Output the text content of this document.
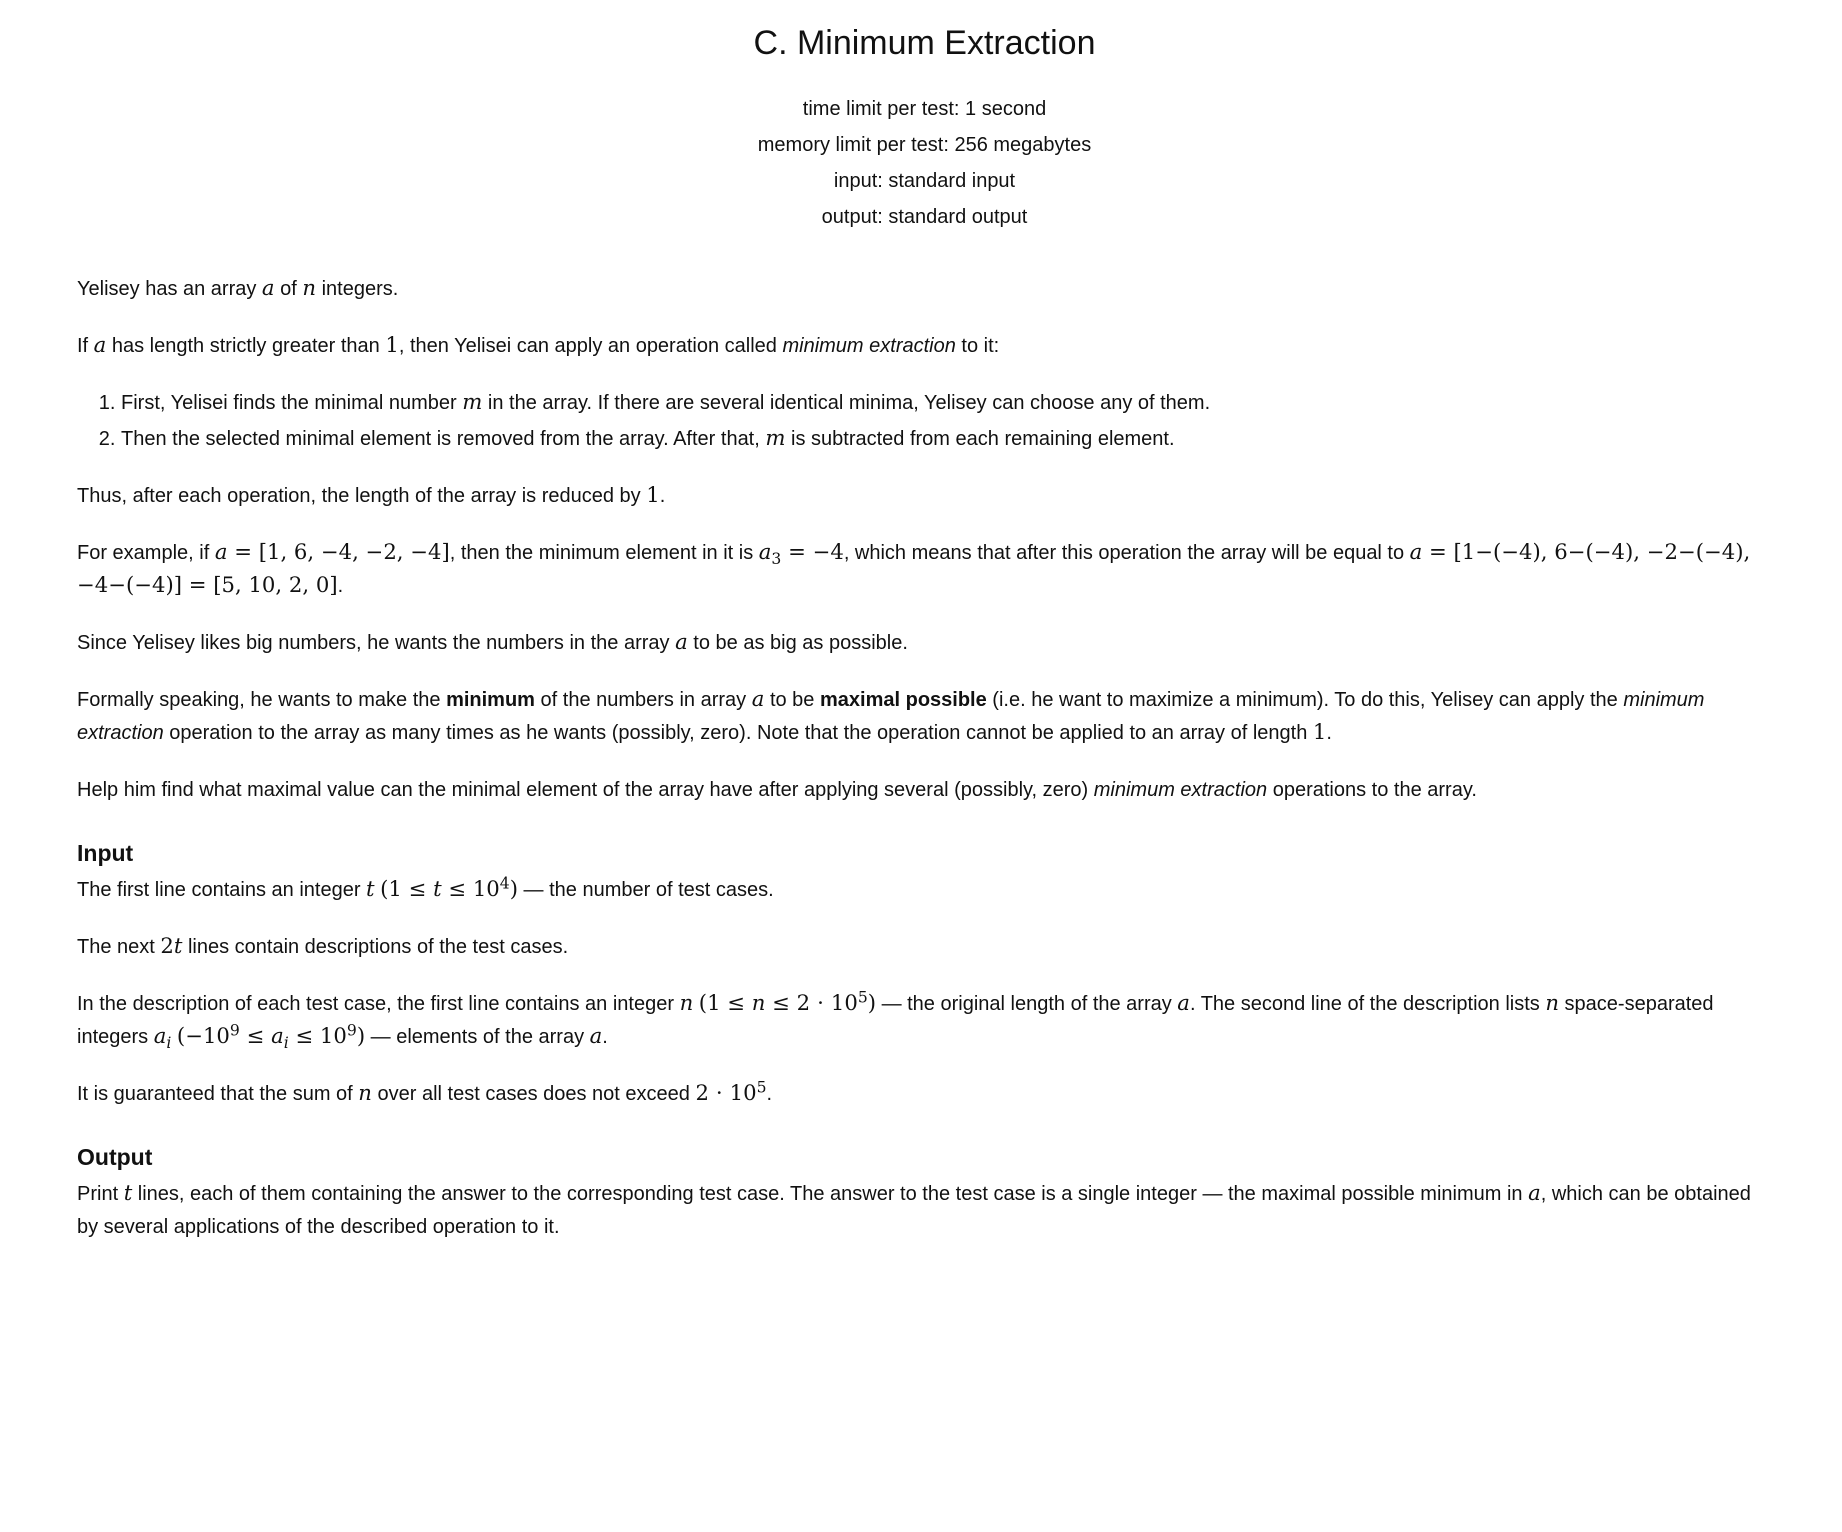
C. Minimum Extraction
time limit per test: 1 second
memory limit per test: 256 megabytes
input: standard input
output: standard output

Yelisey has an array a of n integers.

If a has length strictly greater than 1, then Yelisei can apply an operation called minimum extraction to it:

1. First, Yelisei finds the minimal number m in the array. If there are several identical minima, Yelisey can choose any of them.
2. Then the selected minimal element is removed from the array. After that, m is subtracted from each remaining element.

Thus, after each operation, the length of the array is reduced by 1.

For example, if a = [1, 6, −4, −2, −4], then the minimum element in it is $a_3 = -4$, which means that after this operation the array will be equal to a = [1−(−4), 6−(−4), −2−(−4), −4−(−4)] = [5, 10, 2, 0].

Since Yelisey likes big numbers, he wants the numbers in the array a to be as big as possible.

Formally speaking, he wants to make the minimum of the numbers in array a to be maximal possible (i.e. he want to maximize a minimum). To do this, Yelisey can apply the minimum extraction operation to the array as many times as he wants (possibly, zero). Note that the operation cannot be applied to an array of length 1.

Help him find what maximal value can the minimal element of the array have after applying several (possibly, zero) minimum extraction operations to the array.

Input

The first line contains an integer t $(1 \le t \le 10^4)$ — the number of test cases.

The next 2t lines contain descriptions of the test cases.

In the description of each test case, the first line contains an integer n $(1 \le n \le 2 \cdot 10^5)$ — the original length of the array a. The second line of the description lists n space-separated integers $a_i$ $(-10^9 \le a_i \le 10^9)$ — elements of the array a.

It is guaranteed that the sum of n over all test cases does not exceed $2 \cdot 10^5$.

Output

Print t lines, each of them containing the answer to the corresponding test case. The answer to the test case is a single integer — the maximal possible minimum in a, which can be obtained by several applications of the described operation to it.
